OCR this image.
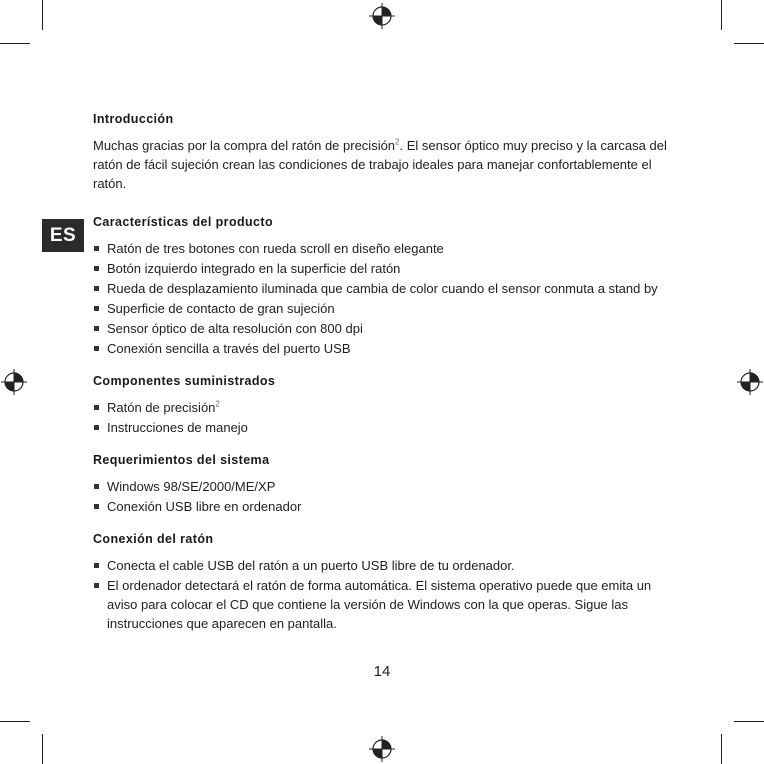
ES
Introducción

Muchas gracias por la compra del ratón de precisión$^2$. El sensor óptico muy preciso y la carcasa del ratón de fácil sujeción crean las condiciones de trabajo ideales para manejar confortablemente el ratón.

Características del producto
Ratón de tres botones con rueda scroll en diseño elegante
Botón izquierdo integrado en la superficie del ratón
Rueda de desplazamiento iluminada que cambia de color cuando el sensor conmuta a stand by
Superficie de contacto de gran sujeción
Sensor óptico de alta resolución con 800 dpi
Conexión sencilla a través del puerto USB
Componentes suministrados
Ratón de precisión$^2$
Instrucciones de manejo
Requerimientos del sistema
Windows 98/SE/2000/ME/XP
Conexión USB libre en ordenador
Conexión del ratón
Conecta el cable USB del ratón a un puerto USB libre de tu ordenador.
El ordenador detectará el ratón de forma automática. El sistema operativo puede que emita un aviso para colocar el CD que contiene la versión de Windows con la que operas. Sigue las instrucciones que aparecen en pantalla.
14
